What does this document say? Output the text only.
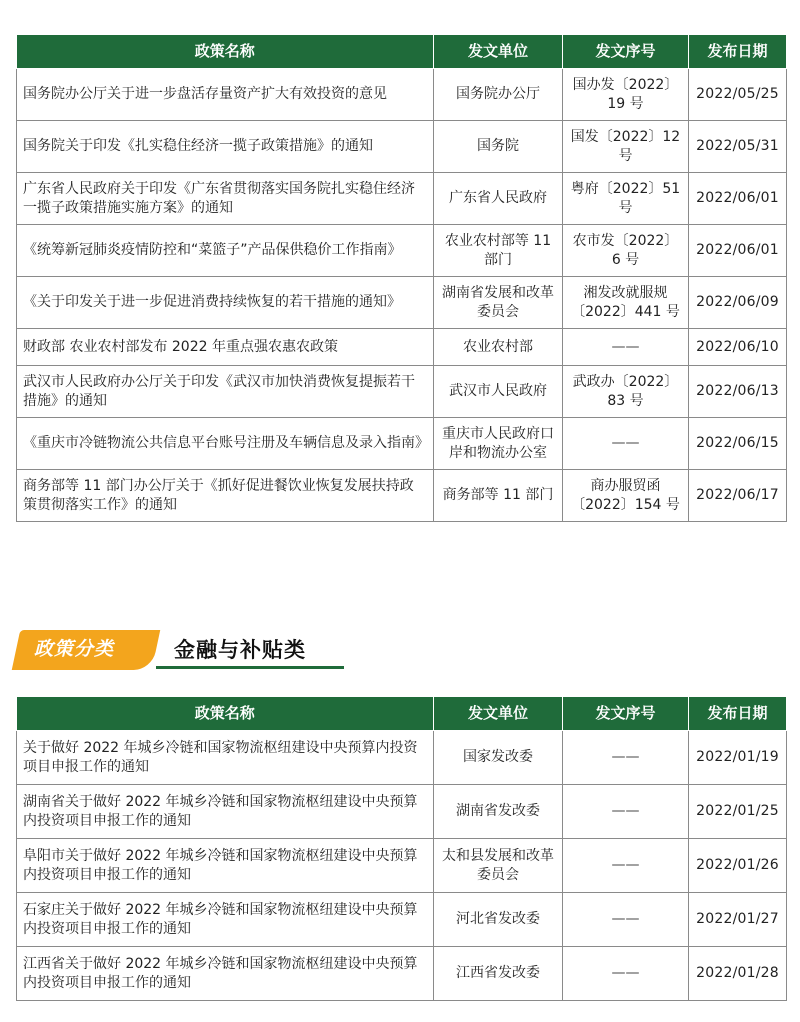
政策名称	发文单位	发文序号	发布日期
国务院办公厅关于进一步盘活存量资产扩大有效投资的意见	国务院办公厅	国办发〔2022〕19 号	2022/05/25
国务院关于印发《扎实稳住经济一揽子政策措施》的通知	国务院	国发〔2022〕12 号	2022/05/31
广东省人民政府关于印发《广东省贯彻落实国务院扎实稳住经济一揽子政策措施实施方案》的通知	广东省人民政府	粤府〔2022〕51 号	2022/06/01
《统筹新冠肺炎疫情防控和“菜篮子”产品保供稳价工作指南》	农业农村部等 11 部门	农市发〔2022〕6 号	2022/06/01
《关于印发关于进一步促进消费持续恢复的若干措施的通知》	湖南省发展和改革委员会	湘发改就服规〔2022〕441 号	2022/06/09
财政部 农业农村部发布 2022 年重点强农惠农政策	农业农村部	——	2022/06/10
武汉市人民政府办公厅关于印发《武汉市加快消费恢复提振若干措施》的通知	武汉市人民政府	武政办〔2022〕83 号	2022/06/13
《重庆市冷链物流公共信息平台账号注册及车辆信息及录入指南》	重庆市人民政府口岸和物流办公室	——	2022/06/15
商务部等 11 部门办公厅关于《抓好促进餐饮业恢复发展扶持政策贯彻落实工作》的通知	商务部等 11 部门	商办服贸函〔2022〕154 号	2022/06/17
政策分类	金融与补贴类
政策名称	发文单位	发文序号	发布日期
关于做好 2022 年城乡冷链和国家物流枢纽建设中央预算内投资项目申报工作的通知	国家发改委	——	2022/01/19
湖南省关于做好 2022 年城乡冷链和国家物流枢纽建设中央预算内投资项目申报工作的通知	湖南省发改委	——	2022/01/25
阜阳市关于做好 2022 年城乡冷链和国家物流枢纽建设中央预算内投资项目申报工作的通知	太和县发展和改革委员会	——	2022/01/26
石家庄关于做好 2022 年城乡冷链和国家物流枢纽建设中央预算内投资项目申报工作的通知	河北省发改委	——	2022/01/27
江西省关于做好 2022 年城乡冷链和国家物流枢纽建设中央预算内投资项目申报工作的通知	江西省发改委	——	2022/01/28
